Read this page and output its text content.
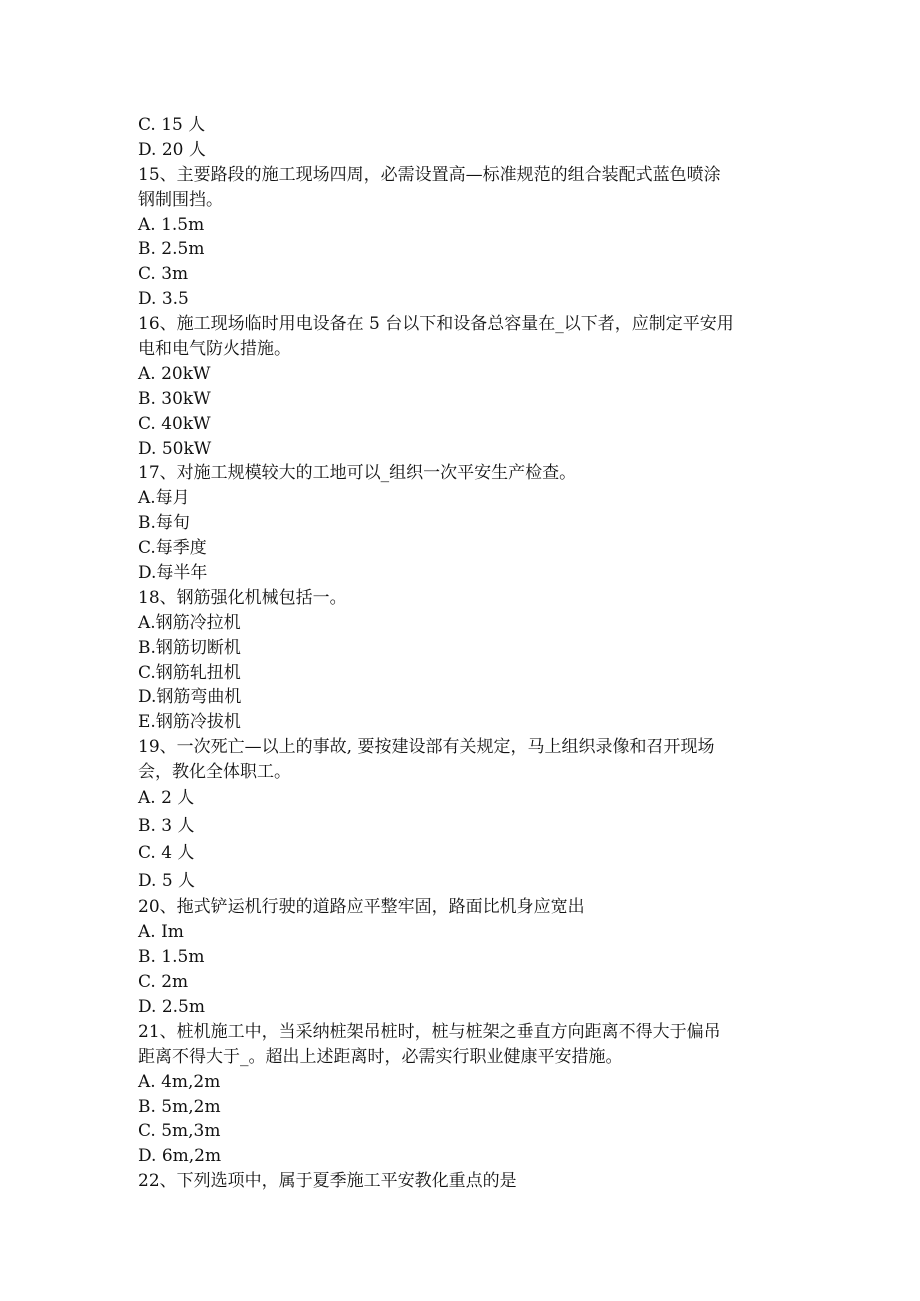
C. 15 人
D. 20 人
15、主要路段的施工现场四周，必需设置高—标准规范的组合装配式蓝色喷涂
钢制围挡。
A. 1.5m
B. 2.5m
C. 3m
D. 3.5
16、施工现场临时用电设备在 5 台以下和设备总容量在_以下者，应制定平安用
电和电气防火措施。
A. 20kW
B. 30kW
C. 40kW
D. 50kW
17、对施工规模较大的工地可以_组织一次平安生产检查。
A.每月
B.每旬
C.每季度
D.每半年
18、钢筋强化机械包括一。
A.钢筋冷拉机
B.钢筋切断机
C.钢筋轧扭机
D.钢筋弯曲机
E.钢筋冷拔机
19、一次死亡—以上的事故, 要按建设部有关规定，马上组织录像和召开现场
会，教化全体职工。
A. 2 人
B. 3 人
C. 4 人
D. 5 人
20、拖式铲运机行驶的道路应平整牢固，路面比机身应宽出
A. Im
B. 1.5m
C. 2m
D. 2.5m
21、桩机施工中，当采纳桩架吊桩时，桩与桩架之垂直方向距离不得大于偏吊
距离不得大于_。超出上述距离时，必需实行职业健康平安措施。
A. 4m,2m
B. 5m,2m
C. 5m,3m
D. 6m,2m
22、下列选项中，属于夏季施工平安教化重点的是
